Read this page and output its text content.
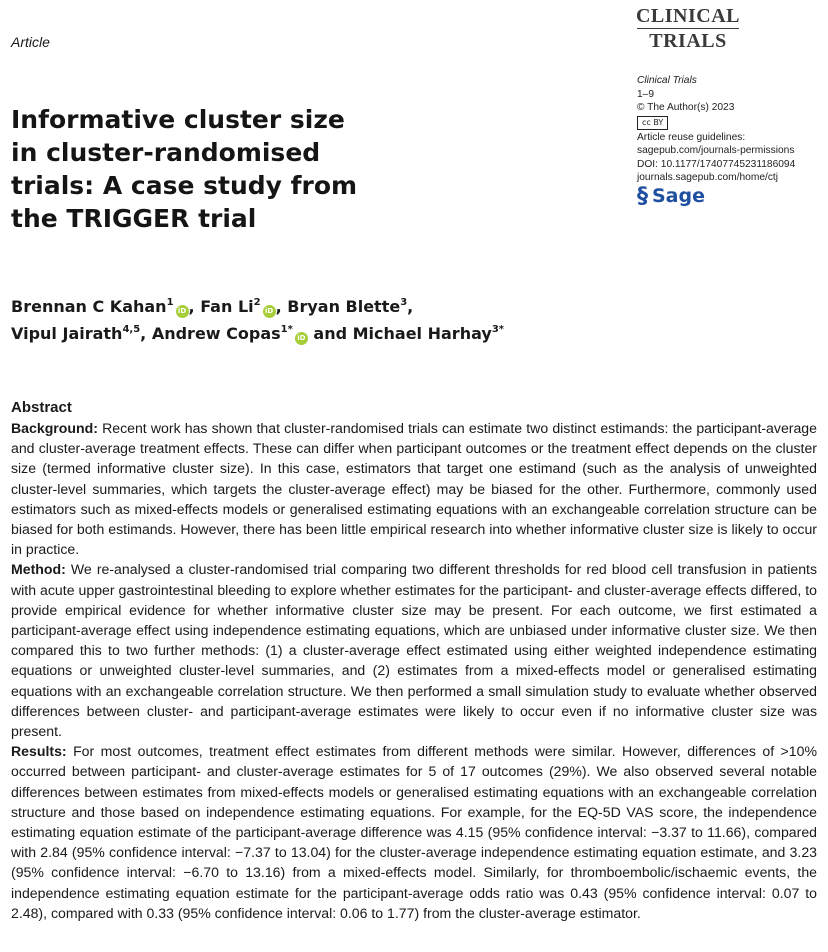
Article
CLINICAL
TRIALS
Clinical Trials
1–9
© The Author(s) 2023
cc BY
Article reuse guidelines:
sagepub.com/journals-permissions
DOI: 10.1177/17407745231186094
journals.sagepub.com/home/ctj
§ Sage
Informative cluster size in cluster-randomised trials: A case study from the TRIGGER trial
Brennan C Kahan$^1$iD , Fan Li$^2$iD , Bryan Blette$^3$,
Vipul Jairath$^{4,5}$, Andrew Copas$^{1*}$iD and Michael Harhay$^{3*}$
Abstract

Background: Recent work has shown that cluster-randomised trials can estimate two distinct estimands: the participant-average and cluster-average treatment effects. These can differ when participant outcomes or the treatment effect depends on the cluster size (termed informative cluster size). In this case, estimators that target one estimand (such as the analysis of unweighted cluster-level summaries, which targets the cluster-average effect) may be biased for the other. Furthermore, commonly used estimators such as mixed-effects models or generalised estimating equations with an exchangeable correlation structure can be biased for both estimands. However, there has been little empirical research into whether informative cluster size is likely to occur in practice.

Method: We re-analysed a cluster-randomised trial comparing two different thresholds for red blood cell transfusion in patients with acute upper gastrointestinal bleeding to explore whether estimates for the participant- and cluster-average effects differed, to provide empirical evidence for whether informative cluster size may be present. For each outcome, we first estimated a participant-average effect using independence estimating equations, which are unbiased under informative cluster size. We then compared this to two further methods: (1) a cluster-average effect estimated using either weighted independence estimating equations or unweighted cluster-level summaries, and (2) estimates from a mixed-effects model or generalised estimating equations with an exchangeable correlation structure. We then performed a small simulation study to evaluate whether observed differences between cluster- and participant-average estimates were likely to occur even if no informative cluster size was present.

Results: For most outcomes, treatment effect estimates from different methods were similar. However, differences of >10% occurred between participant- and cluster-average estimates for 5 of 17 outcomes (29%). We also observed several notable differences between estimates from mixed-effects models or generalised estimating equations with an exchangeable correlation structure and those based on independence estimating equations. For example, for the EQ-5D VAS score, the independence estimating equation estimate of the participant-average difference was 4.15 (95% confidence interval: −3.37 to 11.66), compared with 2.84 (95% confidence interval: −7.37 to 13.04) for the cluster-average independence estimating equation estimate, and 3.23 (95% confidence interval: −6.70 to 13.16) from a mixed-effects model. Similarly, for thromboembolic/ischaemic events, the independence estimating equation estimate for the participant-average odds ratio was 0.43 (95% confidence interval: 0.07 to 2.48), compared with 0.33 (95% confidence interval: 0.06 to 1.77) from the cluster-average estimator.
